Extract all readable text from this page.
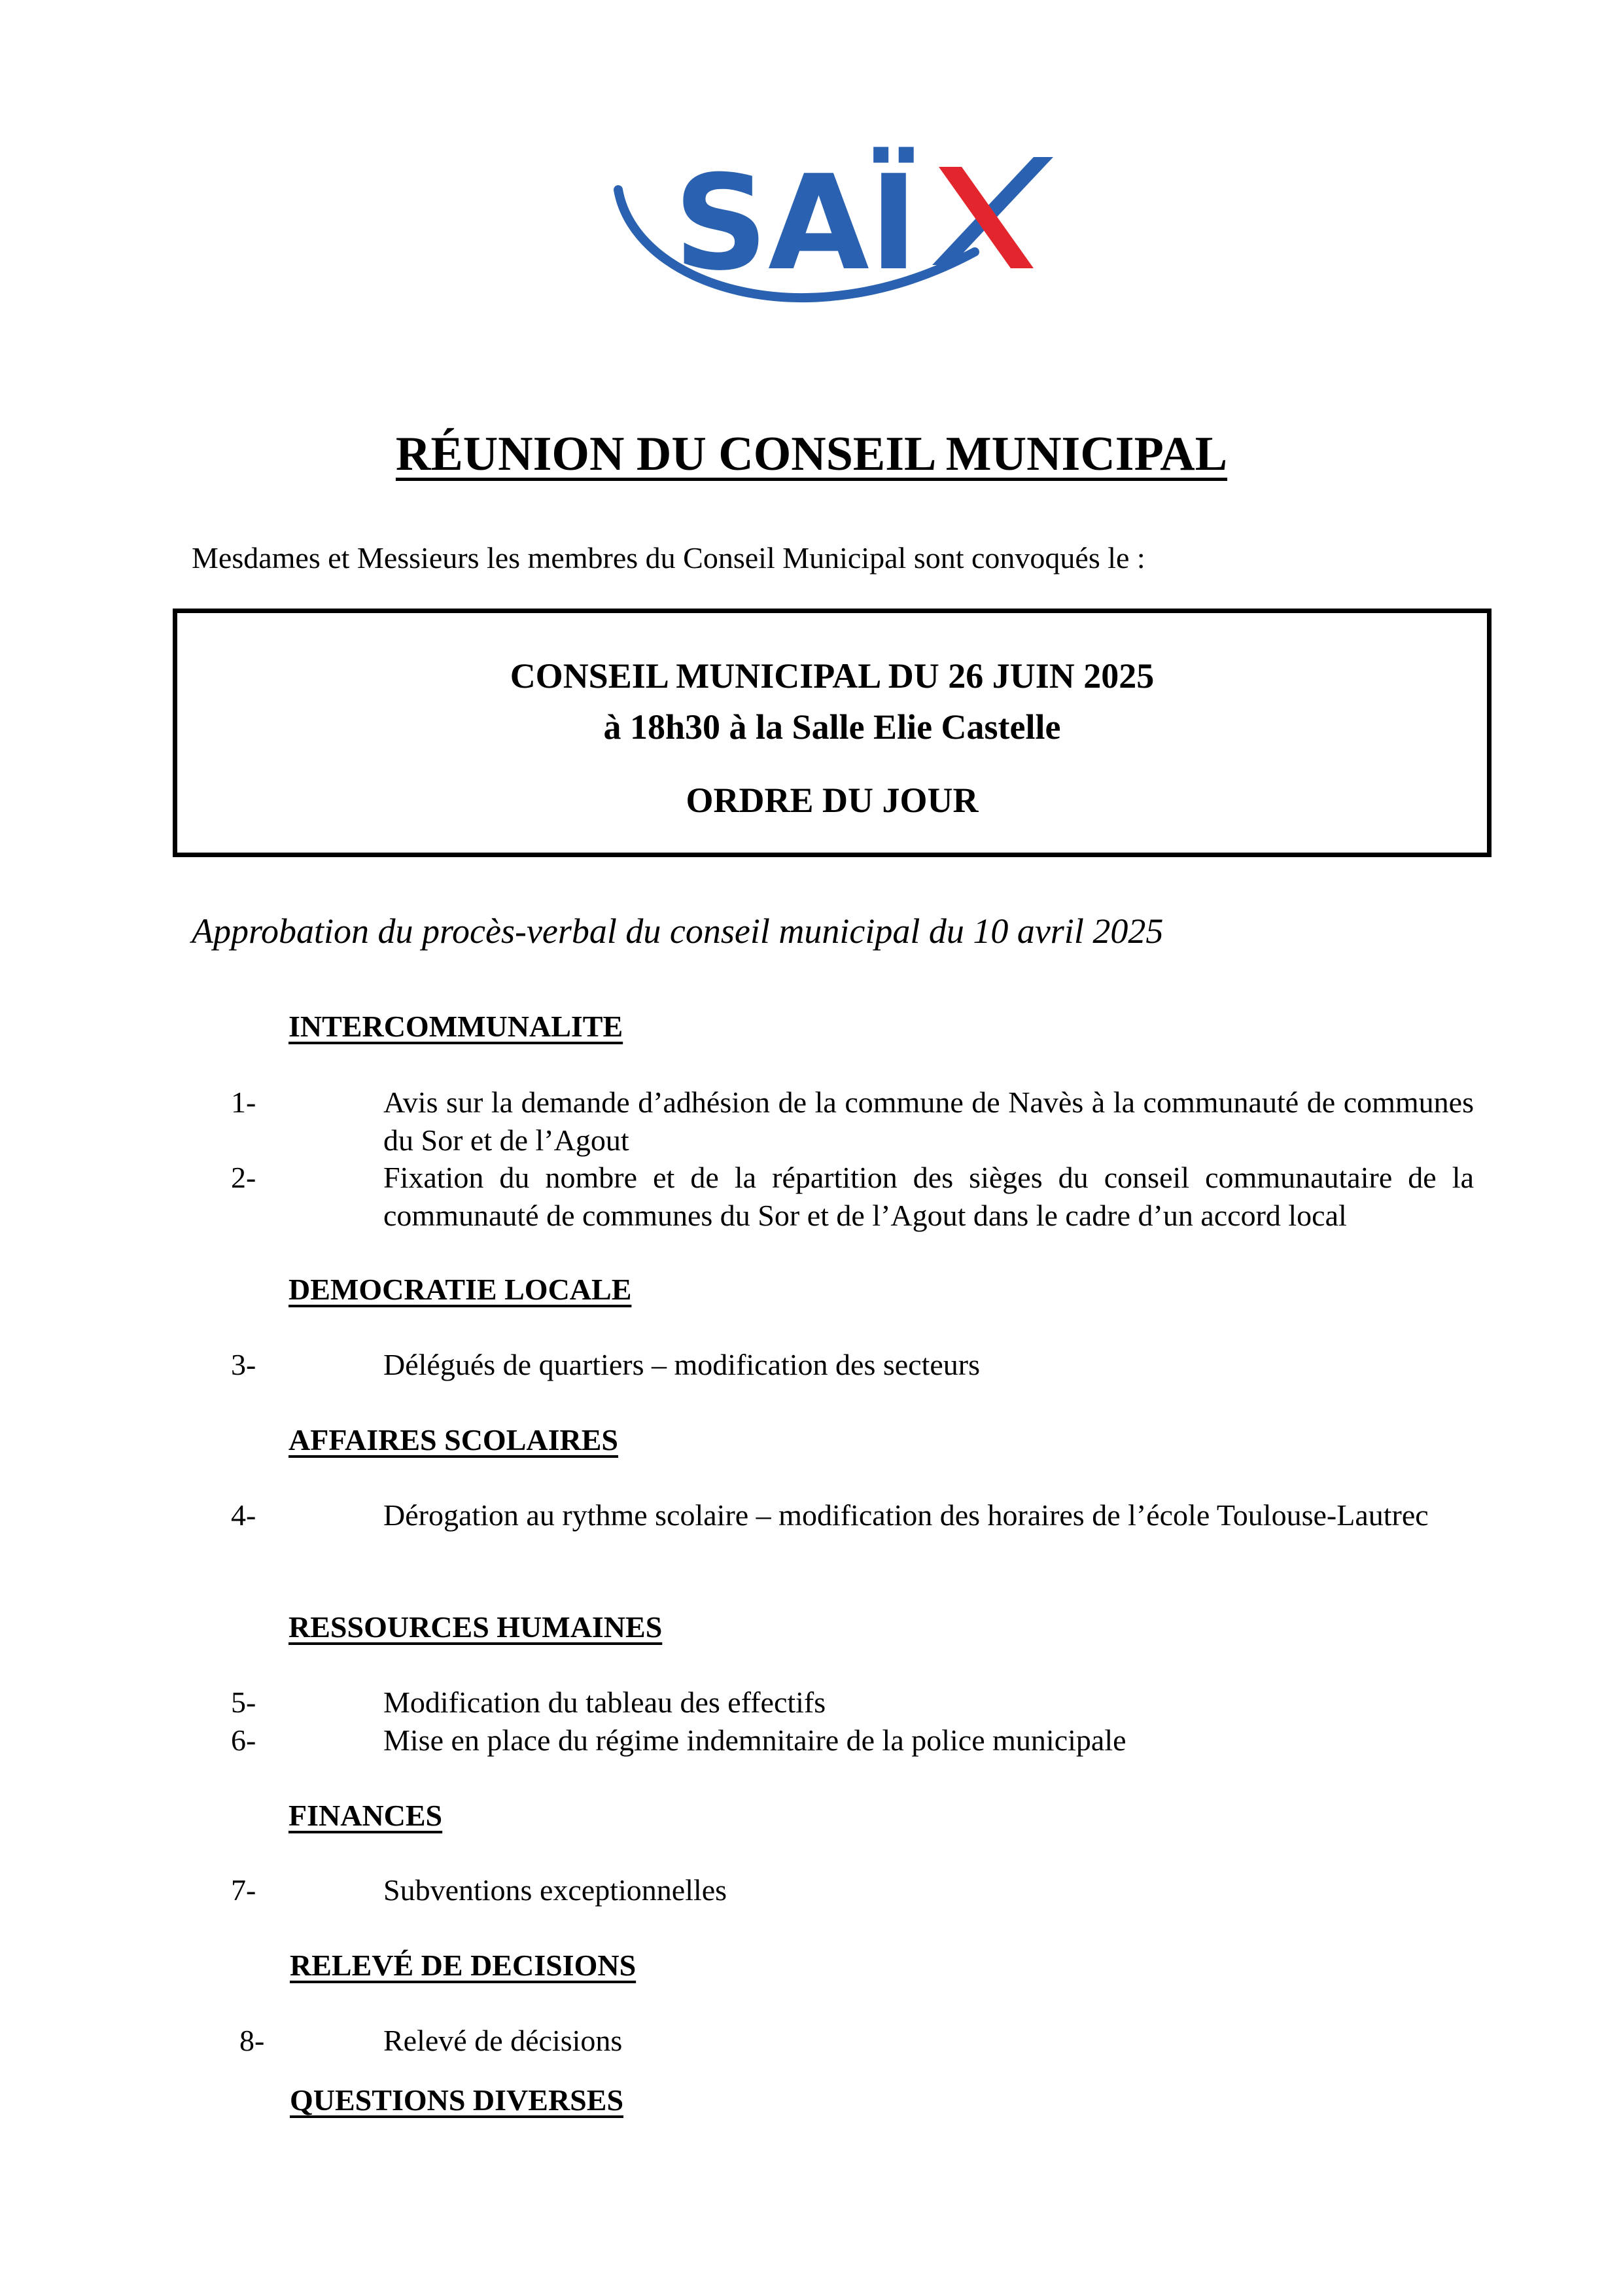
SAÏ
RÉUNION DU CONSEIL MUNICIPAL
Mesdames et Messieurs les membres du Conseil Municipal sont convoqués le :
CONSEIL MUNICIPAL DU 26 JUIN 2025
à 18h30 à la Salle Elie Castelle
ORDRE DU JOUR
Approbation du procès-verbal du conseil municipal du 10 avril 2025
INTERCOMMUNALITE
1-	Avis sur la demande d’adhésion de la commune de Navès à la communauté de communes du Sor et de l’Agout
2-	Fixation du nombre et de la répartition des sièges du conseil communautaire de la communauté de communes du Sor et de l’Agout dans le cadre d’un accord local
DEMOCRATIE LOCALE
3-	Délégués de quartiers – modification des secteurs
AFFAIRES SCOLAIRES
4-	Dérogation au rythme scolaire – modification des horaires de l’école Toulouse-Lautrec
RESSOURCES HUMAINES
5-	Modification du tableau des effectifs
6-	Mise en place du régime indemnitaire de la police municipale
FINANCES
7-	Subventions exceptionnelles
RELEVÉ DE DECISIONS
8-	Relevé de décisions
QUESTIONS DIVERSES
